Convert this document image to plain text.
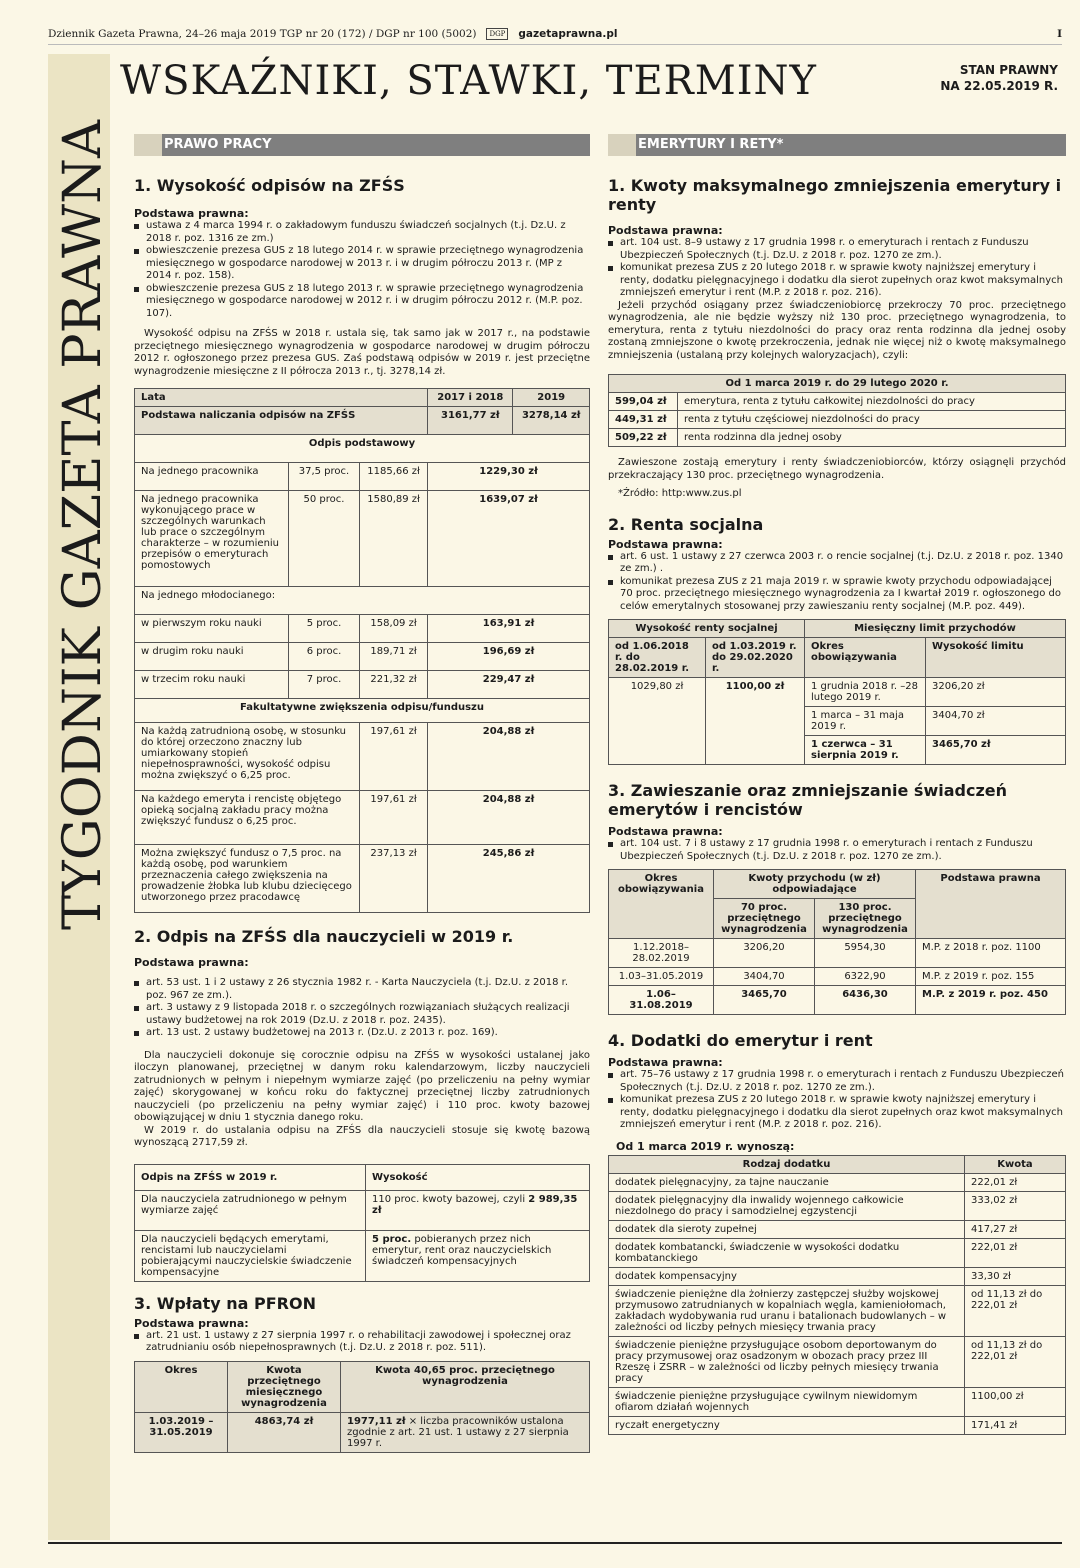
Dziennik Gazeta Prawna, 24–26 maja 2019 TGP nr 20 (172) / DGP nr 100 (5002)	DGP gazetaprawna.pl	I
TYGODNIK GAZETA PRAWNA
WSKAŹNIKI, STAWKI, TERMINY	STAN PRAWNY
NA 22.05.2019 R.
PRAWO PRACY
1. Wysokość odpisów na ZFŚS
Podstawa prawna:
ustawa z 4 marca 1994 r. o zakładowym funduszu świadczeń socjalnych (t.j. Dz.U. z 2018 r. poz. 1316 ze zm.)
obwieszczenie prezesa GUS z 18 lutego 2014 r. w sprawie przeciętnego wynagrodzenia miesięcznego w gospodarce narodowej w 2013 r. i w drugim półroczu 2013 r. (MP z 2014 r. poz. 158).
obwieszczenie prezesa GUS z 18 lutego 2013 r. w sprawie przeciętnego wynagrodzenia miesięcznego w gospodarce narodowej w 2012 r. i w drugim półroczu 2012 r. (M.P. poz. 107).

Wysokość odpisu na ZFŚS w 2018 r. ustala się, tak samo jak w 2017 r., na podstawie przeciętnego miesięcznego wynagrodzenia w gospodarce narodowej w drugim półroczu 2012 r. ogłoszonego przez prezesa GUS. Zaś podstawą odpisów w 2019 r. jest przeciętne wynagrodzenie miesięczne z II półrocza 2013 r., tj. 3278,14 zł.

Lata			2017 i 2018	2019
Podstawa naliczania odpisów na ZFŚS			3161,77 zł	3278,14 zł
Odpis podstawowy				
Na jednego pracownika	37,5 proc.	1185,66 zł	1229,30 zł	
Na jednego pracownika wykonującego prace w szczególnych warunkach lub prace o szczególnym charakterze – w rozumieniu przepisów o emeryturach pomostowych	50 proc.	1580,89 zł	1639,07 zł	
Na jednego młodocianego:				
w pierwszym roku nauki	5 proc.	158,09 zł	163,91 zł	
w drugim roku nauki	6 proc.	189,71 zł	196,69 zł	
w trzecim roku nauki	7 proc.	221,32 zł	229,47 zł	
Fakultatywne zwiększenia odpisu/funduszu				
Na każdą zatrudnioną osobę, w stosunku do której orzeczono znaczny lub umiarkowany stopień niepełnosprawności, wysokość odpisu można zwiększyć o 6,25 proc.		197,61 zł	204,88 zł	
Na każdego emeryta i rencistę objętego opieką socjalną zakładu pracy można zwiększyć fundusz o 6,25 proc.		197,61 zł	204,88 zł	
Można zwiększyć fundusz o 7,5 proc. na każdą osobę, pod warunkiem przeznaczenia całego zwiększenia na prowadzenie żłobka lub klubu dziecięcego utworzonego przez pracodawcę		237,13 zł	245,86 zł	
2. Odpis na ZFŚS dla nauczycieli w 2019 r.
Podstawa prawna:
art. 53 ust. 1 i 2 ustawy z 26 stycznia 1982 r. - Karta Nauczyciela (t.j. Dz.U. z 2018 r. poz. 967 ze zm.).
art. 3 ustawy z 9 listopada 2018 r. o szczególnych rozwiązaniach służących realizacji ustawy budżetowej na rok 2019 (Dz.U. z 2018 r. poz. 2435).
art. 13 ust. 2 ustawy budżetowej na 2013 r. (Dz.U. z 2013 r. poz. 169).

Dla nauczycieli dokonuje się corocznie odpisu na ZFŚS w wysokości ustalanej jako iloczyn planowanej, przeciętnej w danym roku kalendarzowym, liczby nauczycieli zatrudnionych w pełnym i niepełnym wymiarze zajęć (po przeliczeniu na pełny wymiar zajęć) skorygowanej w końcu roku do faktycznej przeciętnej liczby zatrudnionych nauczycieli (po przeliczeniu na pełny wymiar zajęć) i 110 proc. kwoty bazowej obowiązującej w dniu 1 stycznia danego roku.

W 2019 r. do ustalania odpisu na ZFŚS dla nauczycieli stosuje się kwotę bazową wynoszącą 2717,59 zł.

Odpis na ZFŚS w 2019 r.	Wysokość
Dla nauczyciela zatrudnionego w pełnym wymiarze zajęć	110 proc. kwoty bazowej, czyli 2 989,35 zł
Dla nauczycieli będących emerytami, rencistami lub nauczycielami pobierającymi nauczycielskie świadczenie kompensacyjne	5 proc. pobieranych przez nich emerytur, rent oraz nauczycielskich świadczeń kompensacyjnych
3. Wpłaty na PFRON
Podstawa prawna:
art. 21 ust. 1 ustawy z 27 sierpnia 1997 r. o rehabilitacji zawodowej i społecznej oraz zatrudnianiu osób niepełnosprawnych (t.j. Dz.U. z 2018 r. poz. 511).
Okres	Kwota przeciętnego miesięcznego wynagrodzenia	Kwota 40,65 proc. przeciętnego wynagrodzenia
1.03.2019 – 31.05.2019	4863,74 zł	1977,11 zł × liczba pracowników ustalona zgodnie z art. 21 ust. 1 ustawy z 27 sierpnia 1997 r.
EMERYTURY I RETY*
1. Kwoty maksymalnego zmniejszenia emerytury i renty
Podstawa prawna:
art. 104 ust. 8–9 ustawy z 17 grudnia 1998 r. o emeryturach i rentach z Funduszu Ubezpieczeń Społecznych (t.j. Dz.U. z 2018 r. poz. 1270 ze zm.).
komunikat prezesa ZUS z 20 lutego 2018 r. w sprawie kwoty najniższej emerytury i renty, dodatku pielęgnacyjnego i dodatku dla sierot zupełnych oraz kwot maksymalnych zmniejszeń emerytur i rent (M.P. z 2018 r. poz. 216).

Jeżeli przychód osiągany przez świadczeniobiorcę przekroczy 70 proc. przeciętnego wynagrodzenia, ale nie będzie wyższy niż 130 proc. przeciętnego wynagrodzenia, to emerytura, renta z tytułu niezdolności do pracy oraz renta rodzinna dla jednej osoby zostaną zmniejszone o kwotę przekroczenia, jednak nie więcej niż o kwotę maksymalnego zmniejszenia (ustalaną przy kolejnych waloryzacjach), czyli:

Od 1 marca 2019 r. do 29 lutego 2020 r.	
599,04 zł	emerytura, renta z tytułu całkowitej niezdolności do pracy
449,31 zł	renta z tytułu częściowej niezdolności do pracy
509,22 zł	renta rodzinna dla jednej osoby

Zawieszone zostają emerytury i renty świadczeniobiorców, którzy osiągnęli przychód przekraczający 130 proc. przeciętnego wynagrodzenia.

*Źródło: http:www.zus.pl

2. Renta socjalna
Podstawa prawna:
art. 6 ust. 1 ustawy z 27 czerwca 2003 r. o rencie socjalnej (t.j. Dz.U. z 2018 r. poz. 1340 ze zm.) .
komunikat prezesa ZUS z 21 maja 2019 r. w sprawie kwoty przychodu odpowiadającej 70 proc. przeciętnego miesięcznego wynagrodzenia za I kwartał 2019 r. ogłoszonego do celów emerytalnych stosowanej przy zawieszaniu renty socjalnej (M.P. poz. 449).
Wysokość renty socjalnej		Miesięczny limit przychodów	
od 1.06.2018 r. do 28.02.2019 r.	od 1.03.2019 r. do 29.02.2020 r.	Okres obowiązywania	Wysokość limitu
1029,80 zł	1100,00 zł	1 grudnia 2018 r. –28 lutego 2019 r.	3206,20 zł
		1 marca – 31 maja 2019 r.	3404,70 zł
		1 czerwca – 31 sierpnia 2019 r.	3465,70 zł
3. Zawieszanie oraz zmniejszanie świadczeń emerytów i rencistów
Podstawa prawna:
art. 104 ust. 7 i 8 ustawy z 17 grudnia 1998 r. o emeryturach i rentach z Funduszu Ubezpieczeń Społecznych (t.j. Dz.U. z 2018 r. poz. 1270 ze zm.).
Okres obowiązywania	Kwoty przychodu (w zł) odpowiadające		Podstawa prawna
	70 proc. przeciętnego wynagrodzenia	130 proc. przeciętnego wynagrodzenia	
1.12.2018– 28.02.2019	3206,20	5954,30	M.P. z 2018 r. poz. 1100
1.03–31.05.2019	3404,70	6322,90	M.P. z 2019 r. poz. 155
1.06–31.08.2019	3465,70	6436,30	M.P. z 2019 r. poz. 450
4. Dodatki do emerytur i rent
Podstawa prawna:
art. 75–76 ustawy z 17 grudnia 1998 r. o emeryturach i rentach z Funduszu Ubezpieczeń Społecznych (t.j. Dz.U. z 2018 r. poz. 1270 ze zm.).
komunikat prezesa ZUS z 20 lutego 2018 r. w sprawie kwoty najniższej emerytury i renty, dodatku pielęgnacyjnego i dodatku dla sierot zupełnych oraz kwot maksymalnych zmniejszeń emerytur i rent (M.P. z 2018 r. poz. 216).
Od 1 marca 2019 r. wynoszą:
Rodzaj dodatku	Kwota
dodatek pielęgnacyjny, za tajne nauczanie	222,01 zł
dodatek pielęgnacyjny dla inwalidy wojennego całkowicie niezdolnego do pracy i samodzielnej egzystencji	333,02 zł
dodatek dla sieroty zupełnej	417,27 zł
dodatek kombatancki, świadczenie w wysokości dodatku kombatanckiego	222,01 zł
dodatek kompensacyjny	33,30 zł
świadczenie pieniężne dla żołnierzy zastępczej służby wojskowej przymusowo zatrudnianych w kopalniach węgla, kamieniołomach, zakładach wydobywania rud uranu i batalionach budowlanych – w zależności od liczby pełnych miesięcy trwania pracy	od 11,13 zł do 222,01 zł
świadczenie pieniężne przysługujące osobom deportowanym do pracy przymusowej oraz osadzonym w obozach pracy przez III Rzeszę i ZSRR – w zależności od liczby pełnych miesięcy trwania pracy	od 11,13 zł do 222,01 zł
świadczenie pieniężne przysługujące cywilnym niewidomym ofiarom działań wojennych	1100,00 zł
ryczałt energetyczny	171,41 zł
